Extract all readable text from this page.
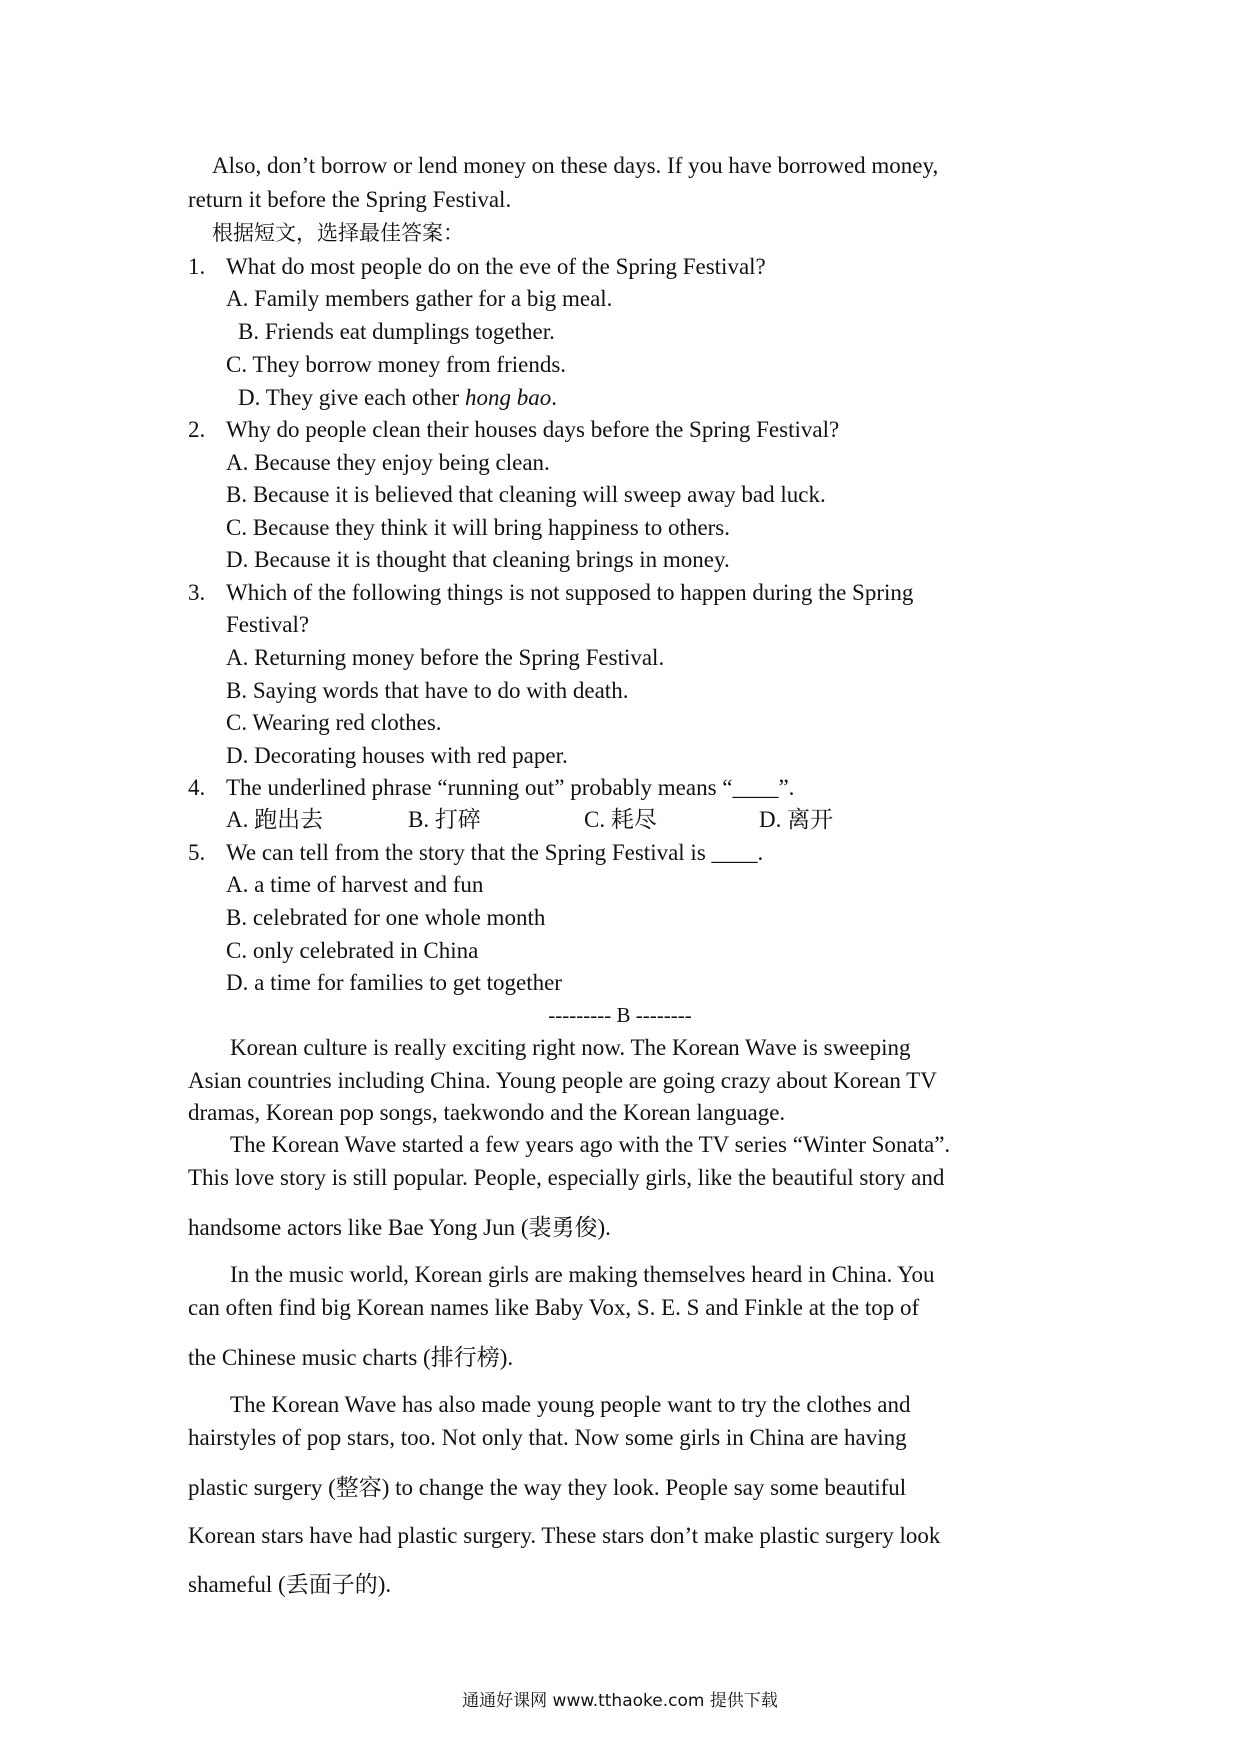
Also, don’t borrow or lend money on these days. If you have borrowed money,
return it before the Spring Festival.
根据短文，选择最佳答案：
1. What do most people do on the eve of the Spring Festival?
A. Family members gather for a big meal.
B. Friends eat dumplings together.
C. They borrow money from friends.
D. They give each other hong bao.
2. Why do people clean their houses days before the Spring Festival?
A. Because they enjoy being clean.
B. Because it is believed that cleaning will sweep away bad luck.
C. Because they think it will bring happiness to others.
D. Because it is thought that cleaning brings in money.
3. Which of the following things is not supposed to happen during the Spring
Festival?
A. Returning money before the Spring Festival.
B. Saying words that have to do with death.
C. Wearing red clothes.
D. Decorating houses with red paper.
4. The underlined phrase “running out” probably means “____”.
A. 跑出去	B. 打碎	C. 耗尽	D. 离开
5. We can tell from the story that the Spring Festival is ____.
A. a time of harvest and fun
B. celebrated for one whole month
C. only celebrated in China
D. a time for families to get together
--------- B --------
Korean culture is really exciting right now. The Korean Wave is sweeping
Asian countries including China. Young people are going crazy about Korean TV
dramas, Korean pop songs, taekwondo and the Korean language.
The Korean Wave started a few years ago with the TV series “Winter Sonata”.
This love story is still popular. People, especially girls, like the beautiful story and
handsome actors like Bae Yong Jun (裴勇俊).
In the music world, Korean girls are making themselves heard in China. You
can often find big Korean names like Baby Vox, S. E. S and Finkle at the top of
the Chinese music charts (排行榜).
The Korean Wave has also made young people want to try the clothes and
hairstyles of pop stars, too. Not only that. Now some girls in China are having
plastic surgery (整容) to change the way they look. People say some beautiful
Korean stars have had plastic surgery. These stars don’t make plastic surgery look
shameful (丢面子的).
通通好课网 www.tthaoke.com 提供下载
